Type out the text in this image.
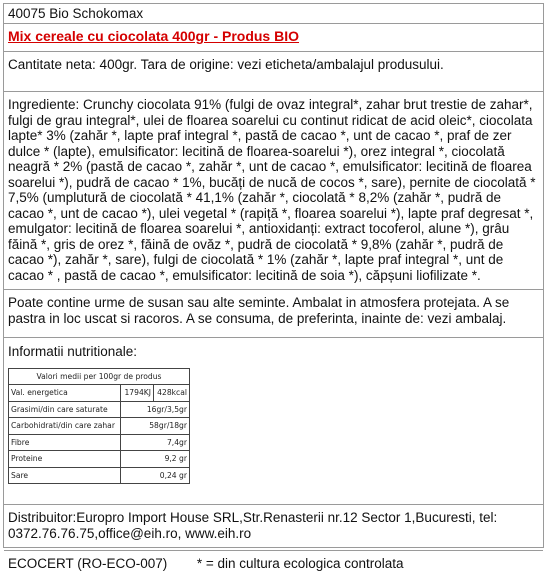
40075 Bio Schokomax
Mix cereale cu ciocolata 400gr - Produs BIO
Cantitate neta: 400gr. Tara de origine: vezi eticheta/ambalajul produsului.
Ingrediente: Crunchy ciocolata 91% (fulgi de ovaz integral*, zahar brut trestie de zahar*, fulgi de grau integral*, ulei de floarea soarelui cu continut ridicat de acid oleic*, ciocolata lapte* 3% (zahăr *, lapte praf integral *, pastă de cacao *, unt de cacao *, praf de zer dulce * (lapte), emulsificator: lecitină de floarea-soarelui *), orez integral *, ciocolată neagră * 2% (pastă de cacao *, zahăr *, unt de cacao *, emulsificator: lecitină de floarea soarelui *), pudră de cacao * 1%, bucăți de nucă de cocos *, sare), pernite de ciocolată * 7,5% (umplutură de ciocolată * 41,1% (zahăr *, ciocolată * 8,2% (zahăr *, pudră de cacao *, unt de cacao *), ulei vegetal * (rapiță *, floarea soarelui *), lapte praf degresat *, emulgator: lecitină de floarea soarelui *, antioxidanți: extract tocoferol, alune *), grâu făină *, gris de orez *, făină de ovăz *, pudră de ciocolată * 9,8% (zahăr *, pudră de cacao *), zahăr *, sare), fulgi de ciocolată * 1% (zahăr *, lapte praf integral *, unt de cacao * , pastă de cacao *, emulsificator: lecitină de soia *), căpșuni liofilizate *.
Poate contine urme de susan sau alte seminte. Ambalat in atmosfera protejata. A se pastra in loc uscat si racoros. A se consuma, de preferinta, inainte de: vezi ambalaj.
Informatii nutritionale:
Valori medii per 100gr de produs		
Val. energetica	1794KJ	428kcal
Grasimi/din care saturate	16gr/3,5gr	
Carbohidrati/din care zahar	58gr/18gr	
Fibre	7,4gr	
Proteine	9,2 gr	
Sare	0,24 gr	
Distribuitor:Europro Import House SRL,Str.Renasterii nr.12 Sector 1,Bucuresti, tel: 0372.76.76.75,office@eih.ro, www.eih.ro
ECOCERT (RO-ECO-007) * = din cultura ecologica controlata
